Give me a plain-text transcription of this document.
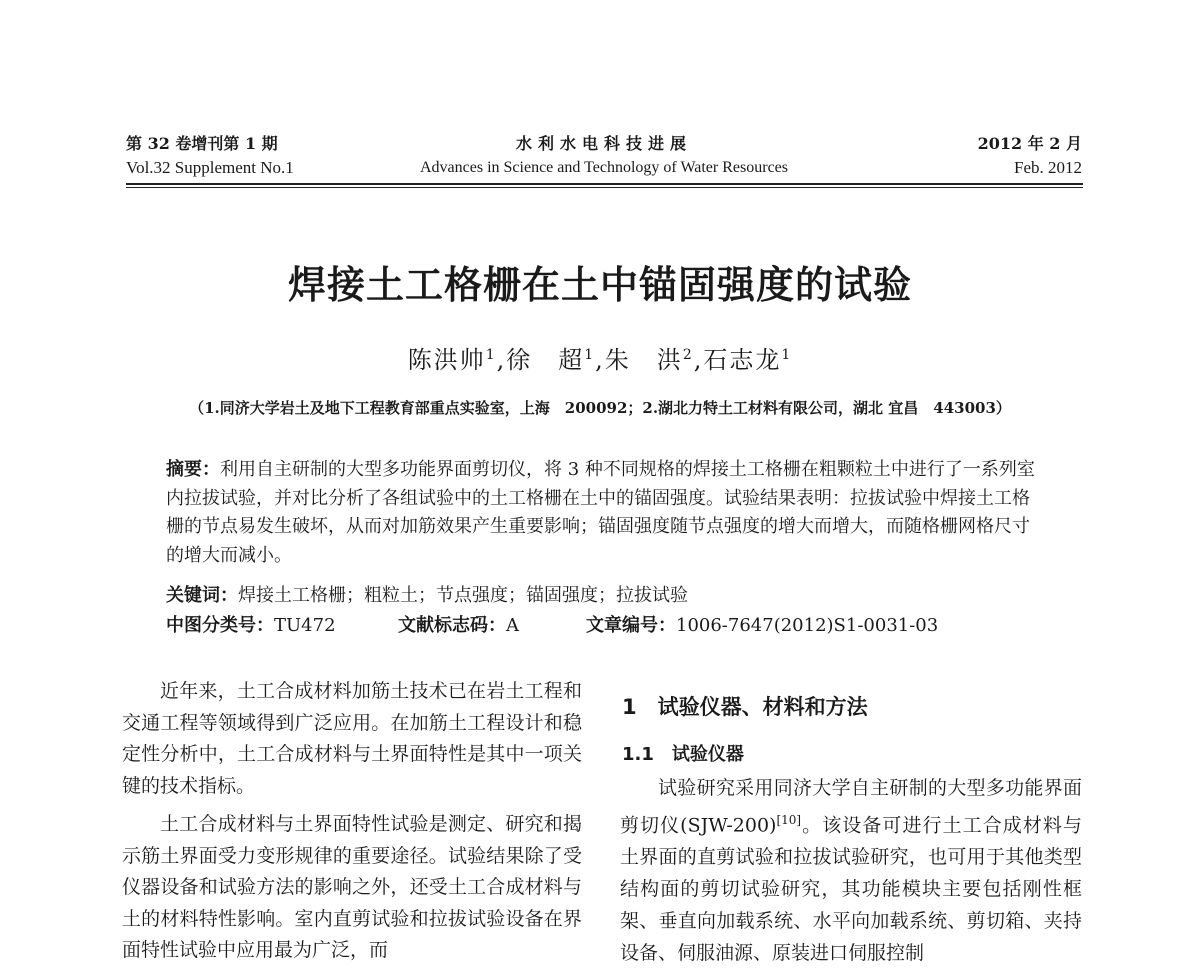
第 32 卷增刊第 1 期
Vol.32 Supplement No.1
水利水电科技进展
Advances in Science and Technology of Water Resources
2012 年 2 月
Feb. 2012
焊接土工格栅在土中锚固强度的试验
陈洪帅$^1$,徐　超$^1$,朱　洪$^2$,石志龙$^1$
（1.同济大学岩土及地下工程教育部重点实验室，上海　200092；2.湖北力特土工材料有限公司，湖北 宜昌　443003）
摘要：利用自主研制的大型多功能界面剪切仪，将 3 种不同规格的焊接土工格栅在粗颗粒土中进行了一系列室内拉拔试验，并对比分析了各组试验中的土工格栅在土中的锚固强度。试验结果表明：拉拔试验中焊接土工格栅的节点易发生破坏，从而对加筋效果产生重要影响；锚固强度随节点强度的增大而增大，而随格栅网格尺寸的增大而减小。
关键词：焊接土工格栅；粗粒土；节点强度；锚固强度；拉拔试验
中图分类号：TU472	文献标志码：A	文章编号：1006-7647(2012)S1-0031-03

近年来，土工合成材料加筋土技术已在岩土工程和交通工程等领域得到广泛应用。在加筋土工程设计和稳定性分析中，土工合成材料与土界面特性是其中一项关键的技术指标。

土工合成材料与土界面特性试验是测定、研究和揭示筋土界面受力变形规律的重要途径。试验结果除了受仪器设备和试验方法的影响之外，还受土工合成材料与土的材料特性影响。室内直剪试验和拉拔试验设备在界面特性试验中应用最为广泛，而

1　试验仪器、材料和方法
1.1　试验仪器

试验研究采用同济大学自主研制的大型多功能界面剪切仪(SJW-200)[10]。该设备可进行土工合成材料与土界面的直剪试验和拉拔试验研究，也可用于其他类型结构面的剪切试验研究，其功能模块主要包括刚性框架、垂直向加载系统、水平向加载系统、剪切箱、夹持设备、伺服油源、原装进口伺服控制
